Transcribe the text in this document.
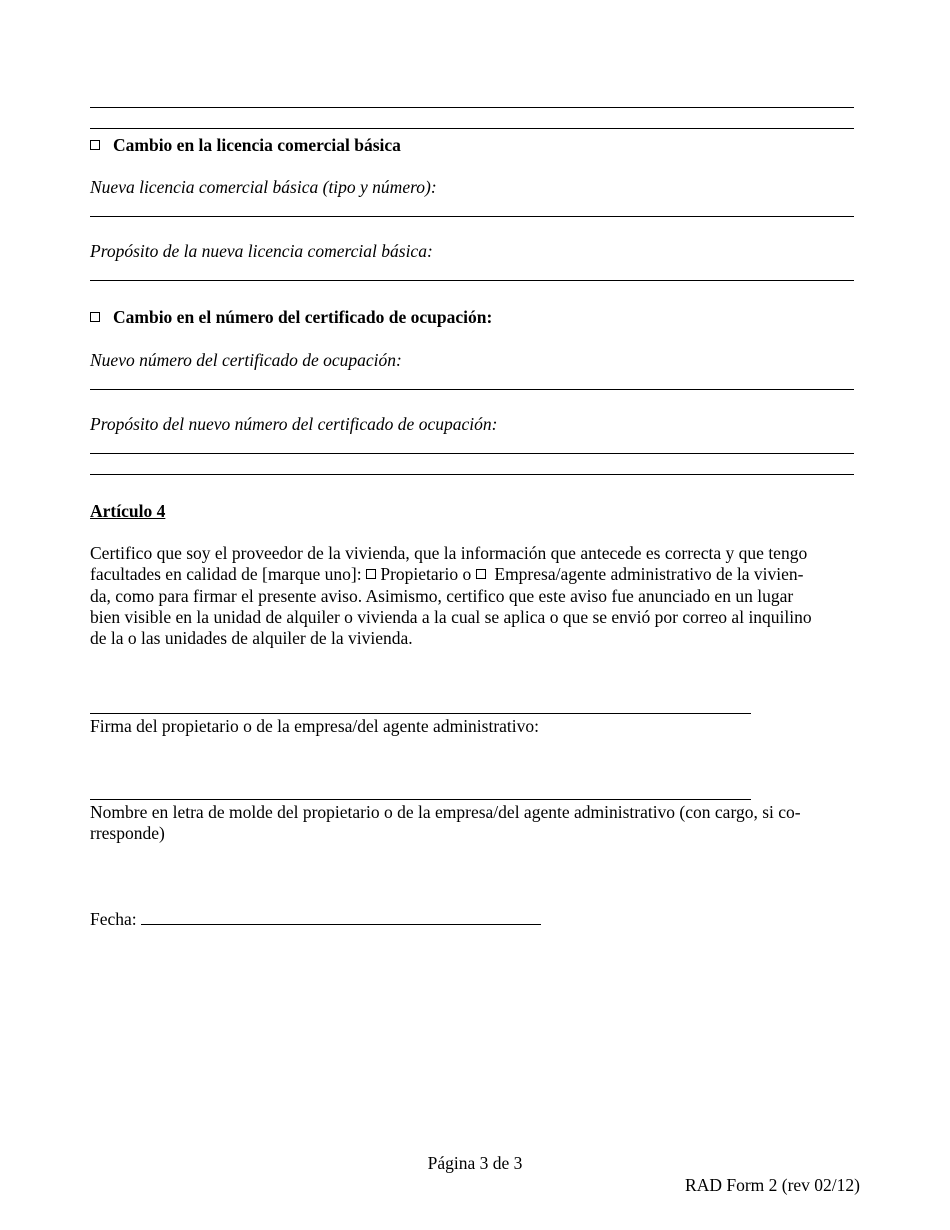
Cambio en la licencia comercial básica
Nueva licencia comercial básica (tipo y número):
Propósito de la nueva licencia comercial básica:
Cambio en el número del certificado de ocupación:
Nuevo número del certificado de ocupación:
Propósito del nuevo número del certificado de ocupación:
Artículo 4
Certifico que soy el proveedor de la vivienda, que la información que antecede es correcta y que tengo
facultades en calidad de [marque uno]: Propietario o Empresa/agente administrativo de la vivien-
da, como para firmar el presente aviso. Asimismo, certifico que este aviso fue anunciado en un lugar
bien visible en la unidad de alquiler o vivienda a la cual se aplica o que se envió por correo al inquilino
de la o las unidades de alquiler de la vivienda.
Firma del propietario o de la empresa/del agente administrativo:
Nombre en letra de molde del propietario o de la empresa/del agente administrativo (con cargo, si co-
rresponde)
Fecha:
Página 3 de 3
RAD Form 2 (rev 02/12)
